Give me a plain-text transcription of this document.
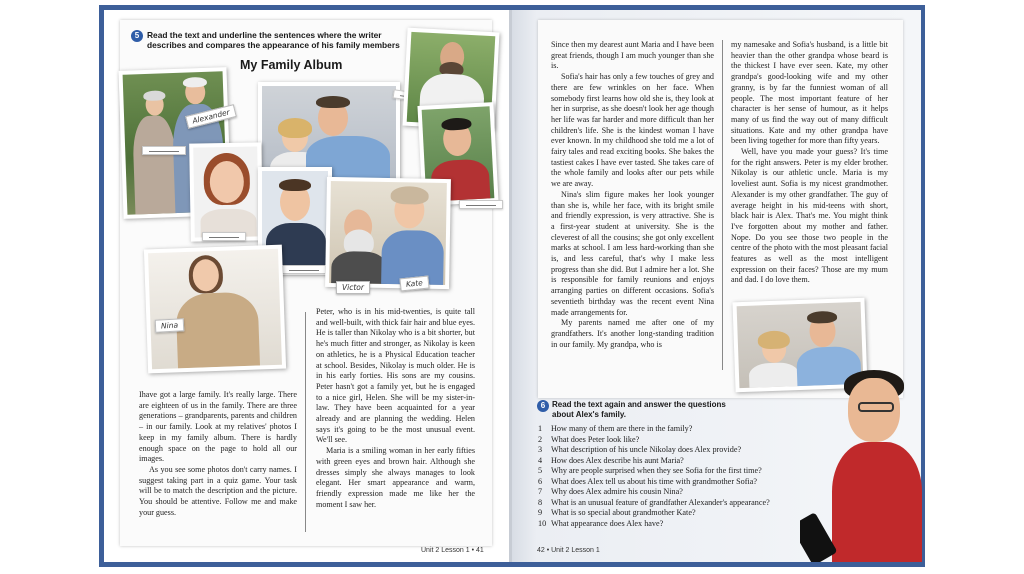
5 Read the text and underline the sentences where the writer describes and compares the appearance of his family members
My Family Album
Alexander
Victor	Kate
Nina

Ihave got a large family. It's really large. There are eighteen of us in the family. There are three generations – grandparents, parents and children – in our family. Look at my relatives' photos I keep in my family album. There is hardly enough space on the page to hold all our images.

As you see some photos don't carry names. I suggest taking part in a quiz game. Your task will be to match the description and the picture. You should be attentive. Follow me and make your guess.

Peter, who is in his mid-twenties, is quite tall and well-built, with thick fair hair and blue eyes. He is taller than Nikolay who is a bit shorter, but he's much fitter and stronger, as Nikolay is keen on athletics, he is a Physical Education teacher at school. Besides, Nikolay is much older. He is in his early forties. His sons are my cousins. Peter hasn't got a family yet, but he is engaged to a nice girl, Helen. She will be my sister-in-law. They have been acquainted for a year already and are planning the wedding. Helen says it's going to be the most unusual event. We'll see.

Maria is a smiling woman in her early fifties with green eyes and brown hair. Although she dresses simply she always manages to look elegant. Her smart appearance and warm, friendly expression made me like her the moment I saw her.

Unit 2 Lesson 1 • 41

Since then my dearest aunt Maria and I have been great friends, though I am much younger than she is.

Sofia's hair has only a few touches of grey and there are few wrinkles on her face. When somebody first learns how old she is, they look at her in surprise, as she doesn't look her age though her life was far harder and more difficult than her children's life. She is the kindest woman I have ever known. In my childhood she told me a lot of fairy tales and read exciting books. She bakes the tastiest cakes I have ever tasted. She takes care of the whole family and looks after our pets while we are away.

Nina's slim figure makes her look younger than she is, while her face, with its bright smile and friendly expression, is very attractive. She is a first-year student at university. She is the cleverest of all the cousins; she got only excellent marks at school. I am less hard-working than she is, and less careful, that's why I make less progress than she did. But I admire her a lot. She is responsible for family reunions and enjoys arranging parties on different occasions. Sofia's seventieth birthday was the recent event Nina made arrangements for.

My parents named me after one of my grandfathers. It's another long-standing tradition in our family. My grandpa, who is

my namesake and Sofia's husband, is a little bit heavier than the other grandpa whose beard is the thickest I have ever seen. Kate, my other grandpa's good-looking wife and my other granny, is by far the funniest woman of all people. The most important feature of her character is her sense of humour, as it helps many of us find the way out of many difficult situations. Kate and my other grandpa have been living together for more than fifty years.

Well, have you made your guess? It's time for the right answers. Peter is my elder brother. Nikolay is our athletic uncle. Maria is my loveliest aunt. Sofia is my nicest grandmother. Alexander is my other grandfather. The guy of average height in his mid-teens with short, black hair is Alex. That's me. You might think I've forgotten about my mother and father. Nope. Do you see those two people in the centre of the photo with the most pleasant facial features as well as the most intelligent expression on their faces? Those are my mum and dad. I do love them.

6 Read the text again and answer the questions
about Alex's family.
1 How many of them are there in the family?
2 What does Peter look like?
3 What description of his uncle Nikolay does Alex provide?
4 How does Alex describe his aunt Maria?
5 Why are people surprised when they see Sofia for the first time?
6 What does Alex tell us about his time with grandmother Sofia?
7 Why does Alex admire his cousin Nina?
8 What is an unusual feature of grandfather Alexander's appearance?
9 What is so special about grandmother Kate?
10 What appearance does Alex have?
42 • Unit 2 Lesson 1
